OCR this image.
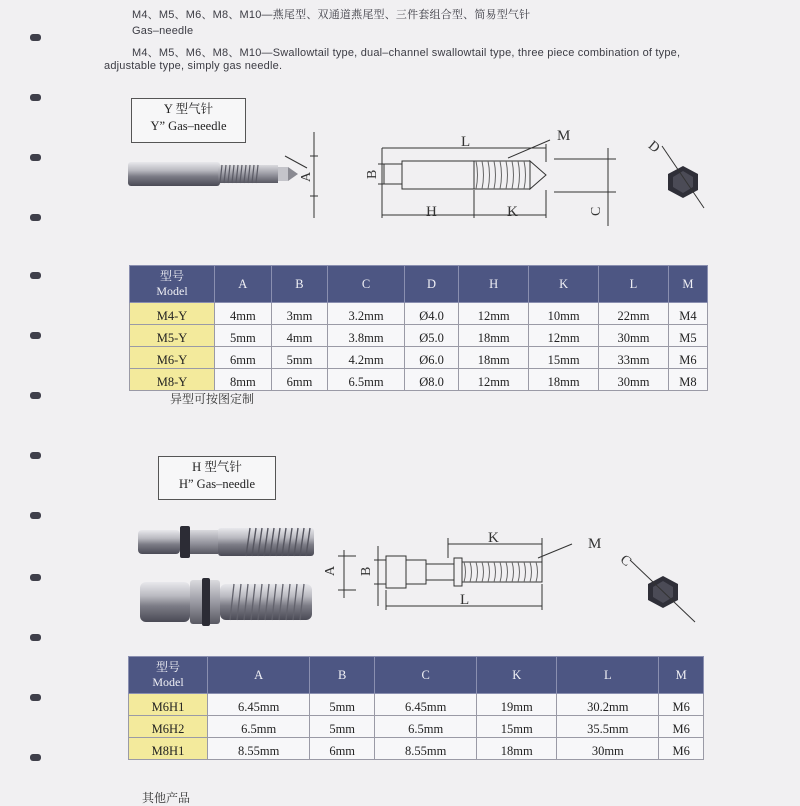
M4、M5、M6、M8、M10—燕尾型、双通道燕尾型、三件套组合型、简易型气针
Gas–needle
M4、M5、M6、M8、M10—Swallowtail type, dual–channel swallowtail type, three piece combination of type,
adjustable type, simply gas needle.
Y 型气针
Y” Gas–needle
A
L	M
H	K
B
C
D
型号
Model	A	B	C	D	H	K	L	M
M4-Y	4mm	3mm	3.2mm	Ø4.0	12mm	10mm	22mm	M4
M5-Y	5mm	4mm	3.8mm	Ø5.0	18mm	12mm	30mm	M5
M6-Y	6mm	5mm	4.2mm	Ø6.0	18mm	15mm	33mm	M6
M8-Y	8mm	6mm	6.5mm	Ø8.0	12mm	18mm	30mm	M8
异型可按图定制
H 型气针
H” Gas–needle
K
L
M
A B
C
型号
Model	A	B	C	K	L	M
M6H1	6.45mm	5mm	6.45mm	19mm	30.2mm	M6
M6H2	6.5mm	5mm	6.5mm	15mm	35.5mm	M6
M8H1	8.55mm	6mm	8.55mm	18mm	30mm	M6
其他产品
